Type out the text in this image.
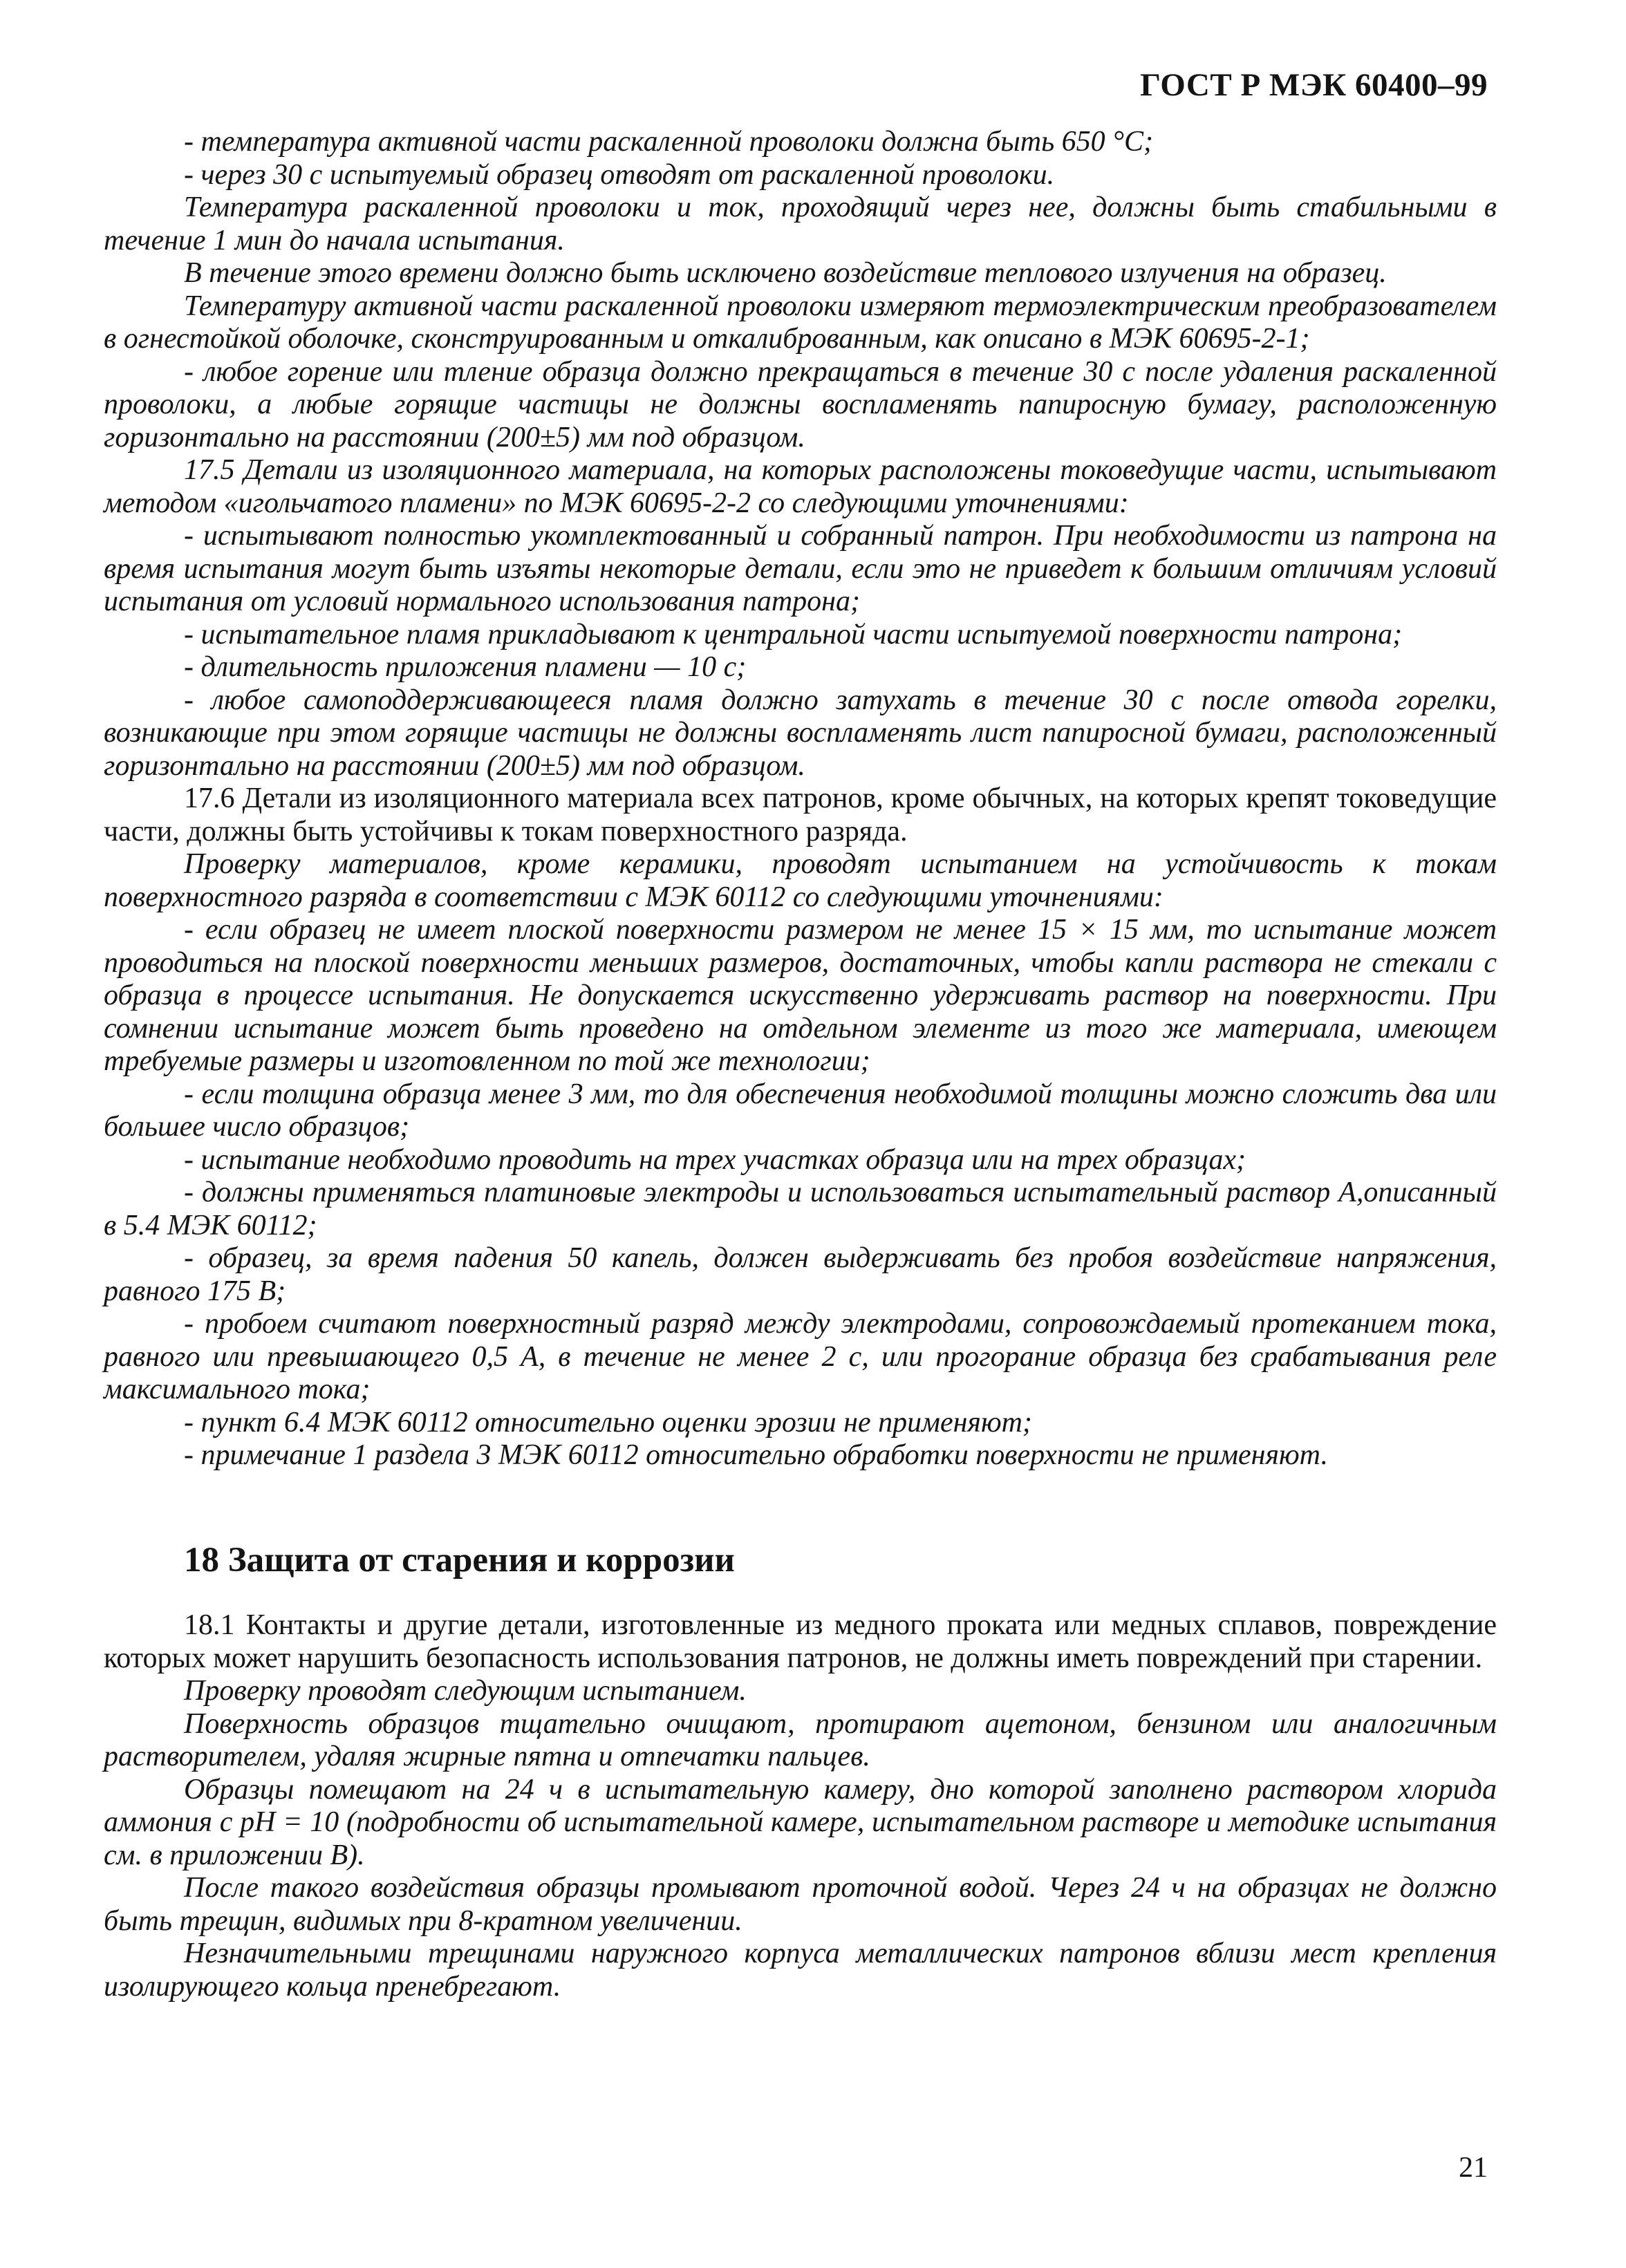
ГОСТ Р МЭК 60400–99

- температура активной части раскаленной проволоки должна быть 650 °С;

- через 30 с испытуемый образец отводят от раскаленной проволоки.

Температура раскаленной проволоки и ток, проходящий через нее, должны быть стабильными в течение 1 мин до начала испытания.

В течение этого времени должно быть исключено воздействие теплового излучения на образец.

Температуру активной части раскаленной проволоки измеряют термоэлектрическим преобразователем в огнестойкой оболочке, сконструированным и откалиброванным, как описано в МЭК 60695-2-1;

- любое горение или тление образца должно прекращаться в течение 30 с после удаления раскаленной проволоки, а любые горящие частицы не должны воспламенять папиросную бумагу, расположенную горизонтально на расстоянии (200±5) мм под образцом.

17.5 Детали из изоляционного материала, на которых расположены токоведущие части, испытывают методом «игольчатого пламени» по МЭК 60695-2-2 со следующими уточнениями:

- испытывают полностью укомплектованный и собранный патрон. При необходимости из патрона на время испытания могут быть изъяты некоторые детали, если это не приведет к большим отличиям условий испытания от условий нормального использования патрона;

- испытательное пламя прикладывают к центральной части испытуемой поверхности патрона;

- длительность приложения пламени — 10 с;

- любое самоподдерживающееся пламя должно затухать в течение 30 с после отвода горелки, возникающие при этом горящие частицы не должны воспламенять лист папиросной бумаги, расположенный горизонтально на расстоянии (200±5) мм под образцом.

17.6 Детали из изоляционного материала всех патронов, кроме обычных, на которых крепят токоведущие части, должны быть устойчивы к токам поверхностного разряда.

Проверку материалов, кроме керамики, проводят испытанием на устойчивость к токам поверхностного разряда в соответствии с МЭК 60112 со следующими уточнениями:

- если образец не имеет плоской поверхности размером не менее 15 × 15 мм, то испытание может проводиться на плоской поверхности меньших размеров, достаточных, чтобы капли раствора не стекали с образца в процессе испытания. Не допускается искусственно удерживать раствор на поверхности. При сомнении испытание может быть проведено на отдельном элементе из того же материала, имеющем требуемые размеры и изготовленном по той же технологии;

- если толщина образца менее 3 мм, то для обеспечения необходимой толщины можно сложить два или большее число образцов;

- испытание необходимо проводить на трех участках образца или на трех образцах;

- должны применяться платиновые электроды и использоваться испытательный раствор А,описанный в 5.4 МЭК 60112;

- образец, за время падения 50 капель, должен выдерживать без пробоя воздействие напряжения, равного 175 В;

- пробоем считают поверхностный разряд между электродами, сопровождаемый протеканием тока, равного или превышающего 0,5 А, в течение не менее 2 с, или прогорание образца без срабатывания реле максимального тока;

- пункт 6.4 МЭК 60112 относительно оценки эрозии не применяют;

- примечание 1 раздела 3 МЭК 60112 относительно обработки поверхности не применяют.

18 Защита от старения и коррозии

18.1 Контакты и другие детали, изготовленные из медного проката или медных сплавов, повреждение которых может нарушить безопасность использования патронов, не должны иметь повреждений при старении.

Проверку проводят следующим испытанием.

Поверхность образцов тщательно очищают, протирают ацетоном, бензином или аналогичным растворителем, удаляя жирные пятна и отпечатки пальцев.

Образцы помещают на 24 ч в испытательную камеру, дно которой заполнено раствором хлорида аммония с рН = 10 (подробности об испытательной камере, испытательном растворе и методике испытания см. в приложении В).

После такого воздействия образцы промывают проточной водой. Через 24 ч на образцах не должно быть трещин, видимых при 8-кратном увеличении.

Незначительными трещинами наружного корпуса металлических патронов вблизи мест крепления изолирующего кольца пренебрегают.

21
